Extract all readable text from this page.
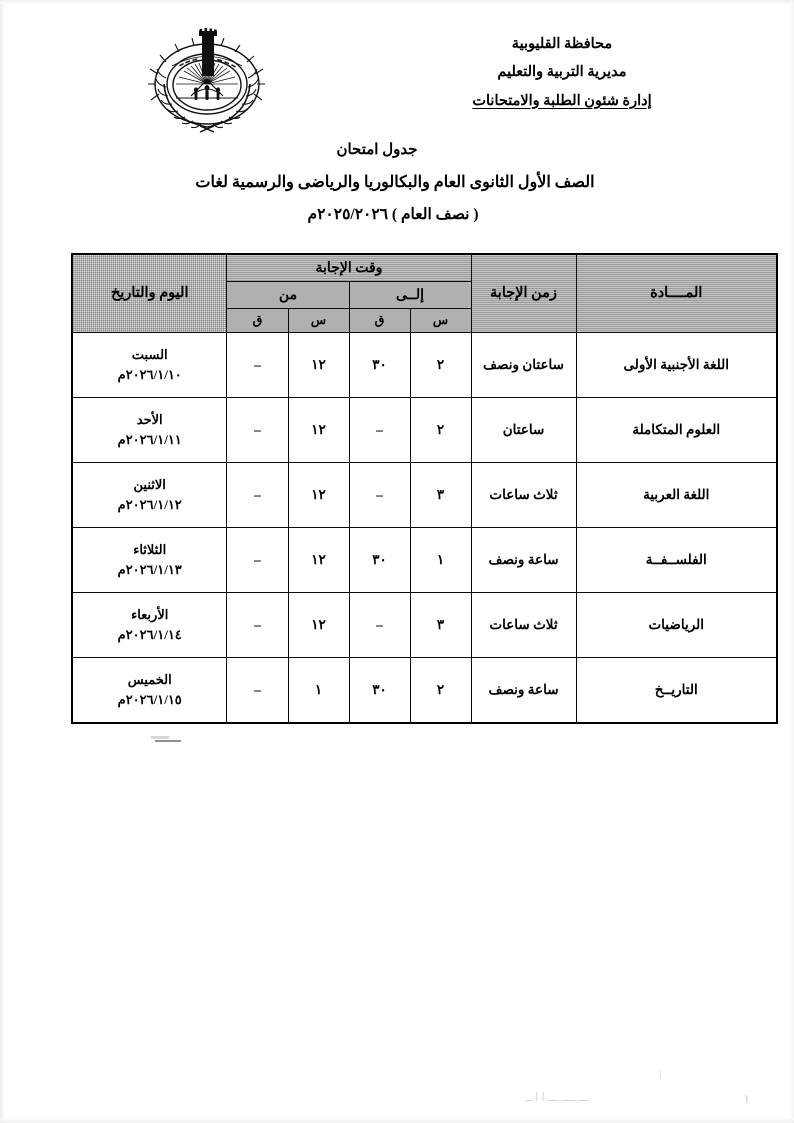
محافظة القليوبية
مديرية التربية والتعليم
إدارة شئون الطلبة والامتحانات
جدول امتحان
الصف الأول الثانوى العام والبكالوريا والرياضى والرسمية لغات
( نصف العام ) ٢٠٢٥/٢٠٢٦م
المــــادة	زمن الإجابة	وقت الإجابة				اليوم والتاريخ
		إلــى		من		
		س	ق	س	ق	
اللغة الأجنبية الأولى	ساعتان ونصف	٢	٣٠	١٢	–	السبت
٢٠٢٦/١/١٠م

العلوم المتكاملة	ساعتان	٢	–	١٢	–	الأحد
٢٠٢٦/١/١١م

اللغة العربية	ثلاث ساعات	٣	–	١٢	–	الاثنين
٢٠٢٦/١/١٢م

الفلســفــة	ساعة ونصف	١	٣٠	١٢	–	الثلاثاء
٢٠٢٦/١/١٣م

الرياضيات	ثلاث ساعات	٣	–	١٢	–	الأربعاء
٢٠٢٦/١/١٤م

التاريــخ	ساعة ونصف	٢	٣٠	١	–	الخميس
٢٠٢٦/١/١٥م
ـــ ــــ ـــ ا ا ــ	١
